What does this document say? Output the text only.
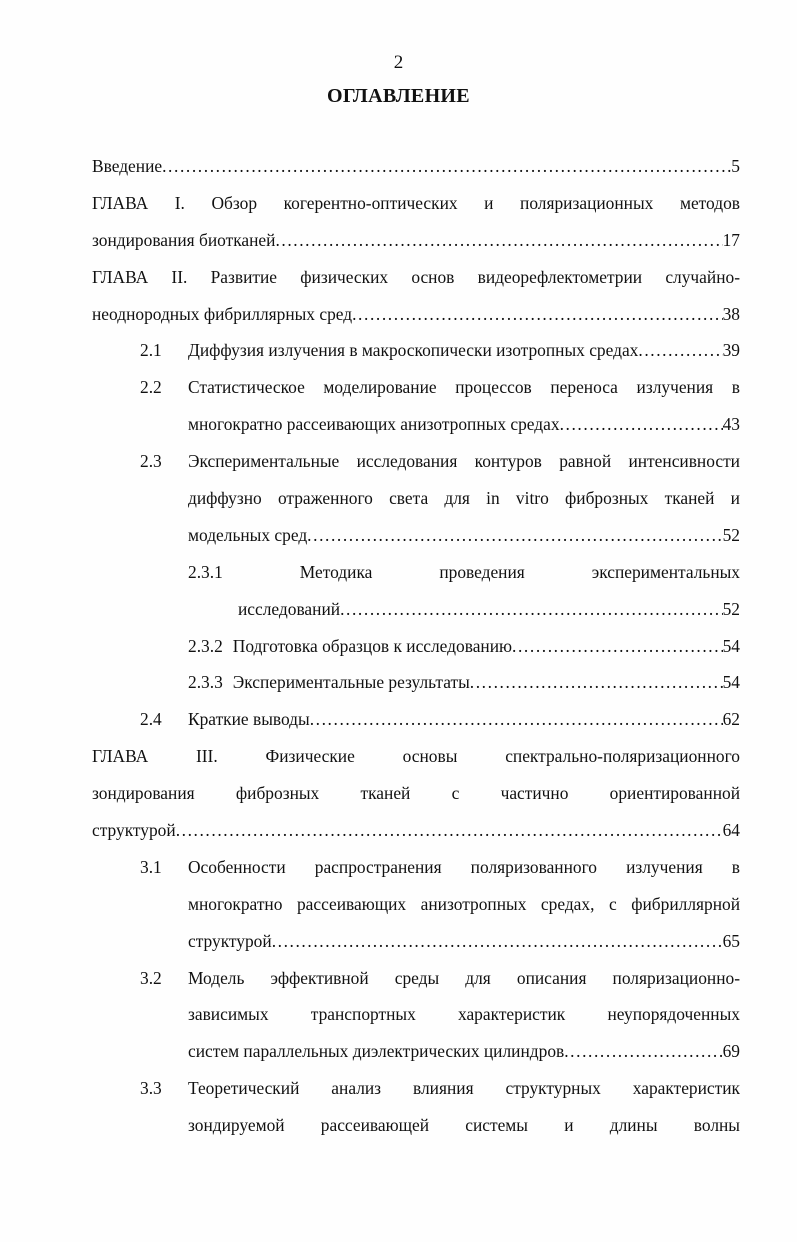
2
ОГЛАВЛЕНИЕ
Введение .....	5
ГЛАВА I. Обзор когерентно-оптических и поляризационных методов
зондирования биотканей .....	17
ГЛАВА II. Развитие физических основ видеорефлектометрии случайно-
неоднородных фибриллярных сред .....	38
2.1 Диффузия излучения в макроскопически изотропных средах .....	39
2.2 Статистическое моделирование процессов переноса излучения в
многократно рассеивающих анизотропных средах .....	43
2.3 Экспериментальные исследования контуров равной интенсивности
диффузно отраженного света для in vitro фиброзных тканей и
модельных сред .....	52
2.3.1	Методика проведения экспериментальных
исследований .....	52
2.3.2 Подготовка образцов к исследованию .....	54
2.3.3 Экспериментальные результаты .....	54
2.4 Краткие выводы .....	62
ГЛАВА III. Физические основы спектрально-поляризационного
зондирования фиброзных тканей с частично ориентированной
структурой .....	64
3.1 Особенности распространения поляризованного излучения в
многократно рассеивающих анизотропных средах, с фибриллярной
структурой .....	65
3.2 Модель эффективной среды для описания поляризационно-
зависимых транспортных характеристик неупорядоченных
систем параллельных диэлектрических цилиндров .....	69
3.3 Теоретический анализ влияния структурных характеристик
зондируемой рассеивающей системы и длины волны
